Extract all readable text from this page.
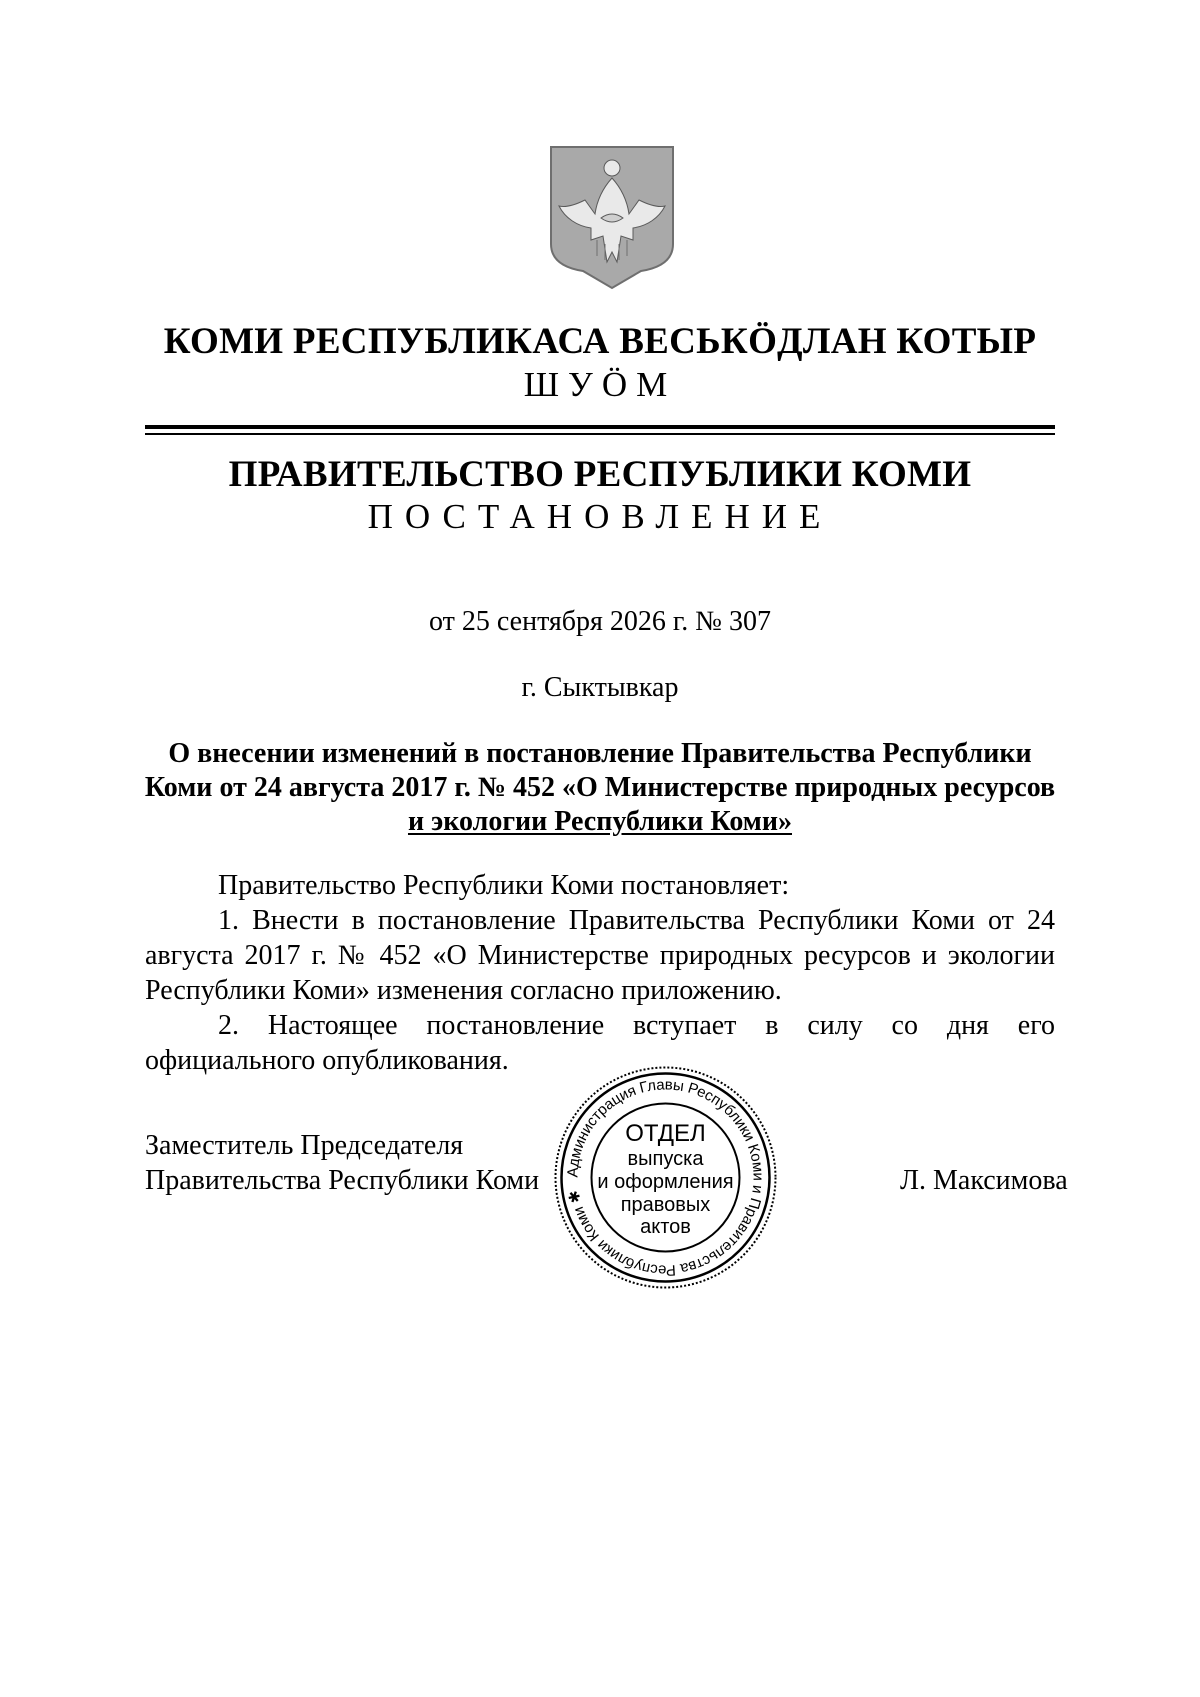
КОМИ РЕСПУБЛИКАСА ВЕСЬКӦДЛАН КОТЫР
ШУӦМ
ПРАВИТЕЛЬСТВО РЕСПУБЛИКИ КОМИ
ПОСТАНОВЛЕНИЕ
от 25 сентября 2026 г. № 307
г. Сыктывкар
О внесении изменений в постановление Правительства Республики
Коми от 24 августа 2017 г. № 452 «О Министерстве природных ресурсов
и экологии Республики Коми»
Правительство Республики Коми постановляет:
1. Внести в постановление Правительства Республики Коми от 24 августа 2017 г. № 452 «О Министерстве природных ресурсов и экологии Республики Коми» изменения согласно приложению.
2. Настоящее постановление вступает в силу со дня его официального опубликования.
Заместитель Председателя
Правительства Республики Коми	Л. Максимова
Администрация Главы Республики Коми и Правительства Республики Коми ✱
ОТДЕЛ
выпуска
и оформления
правовых
актов
